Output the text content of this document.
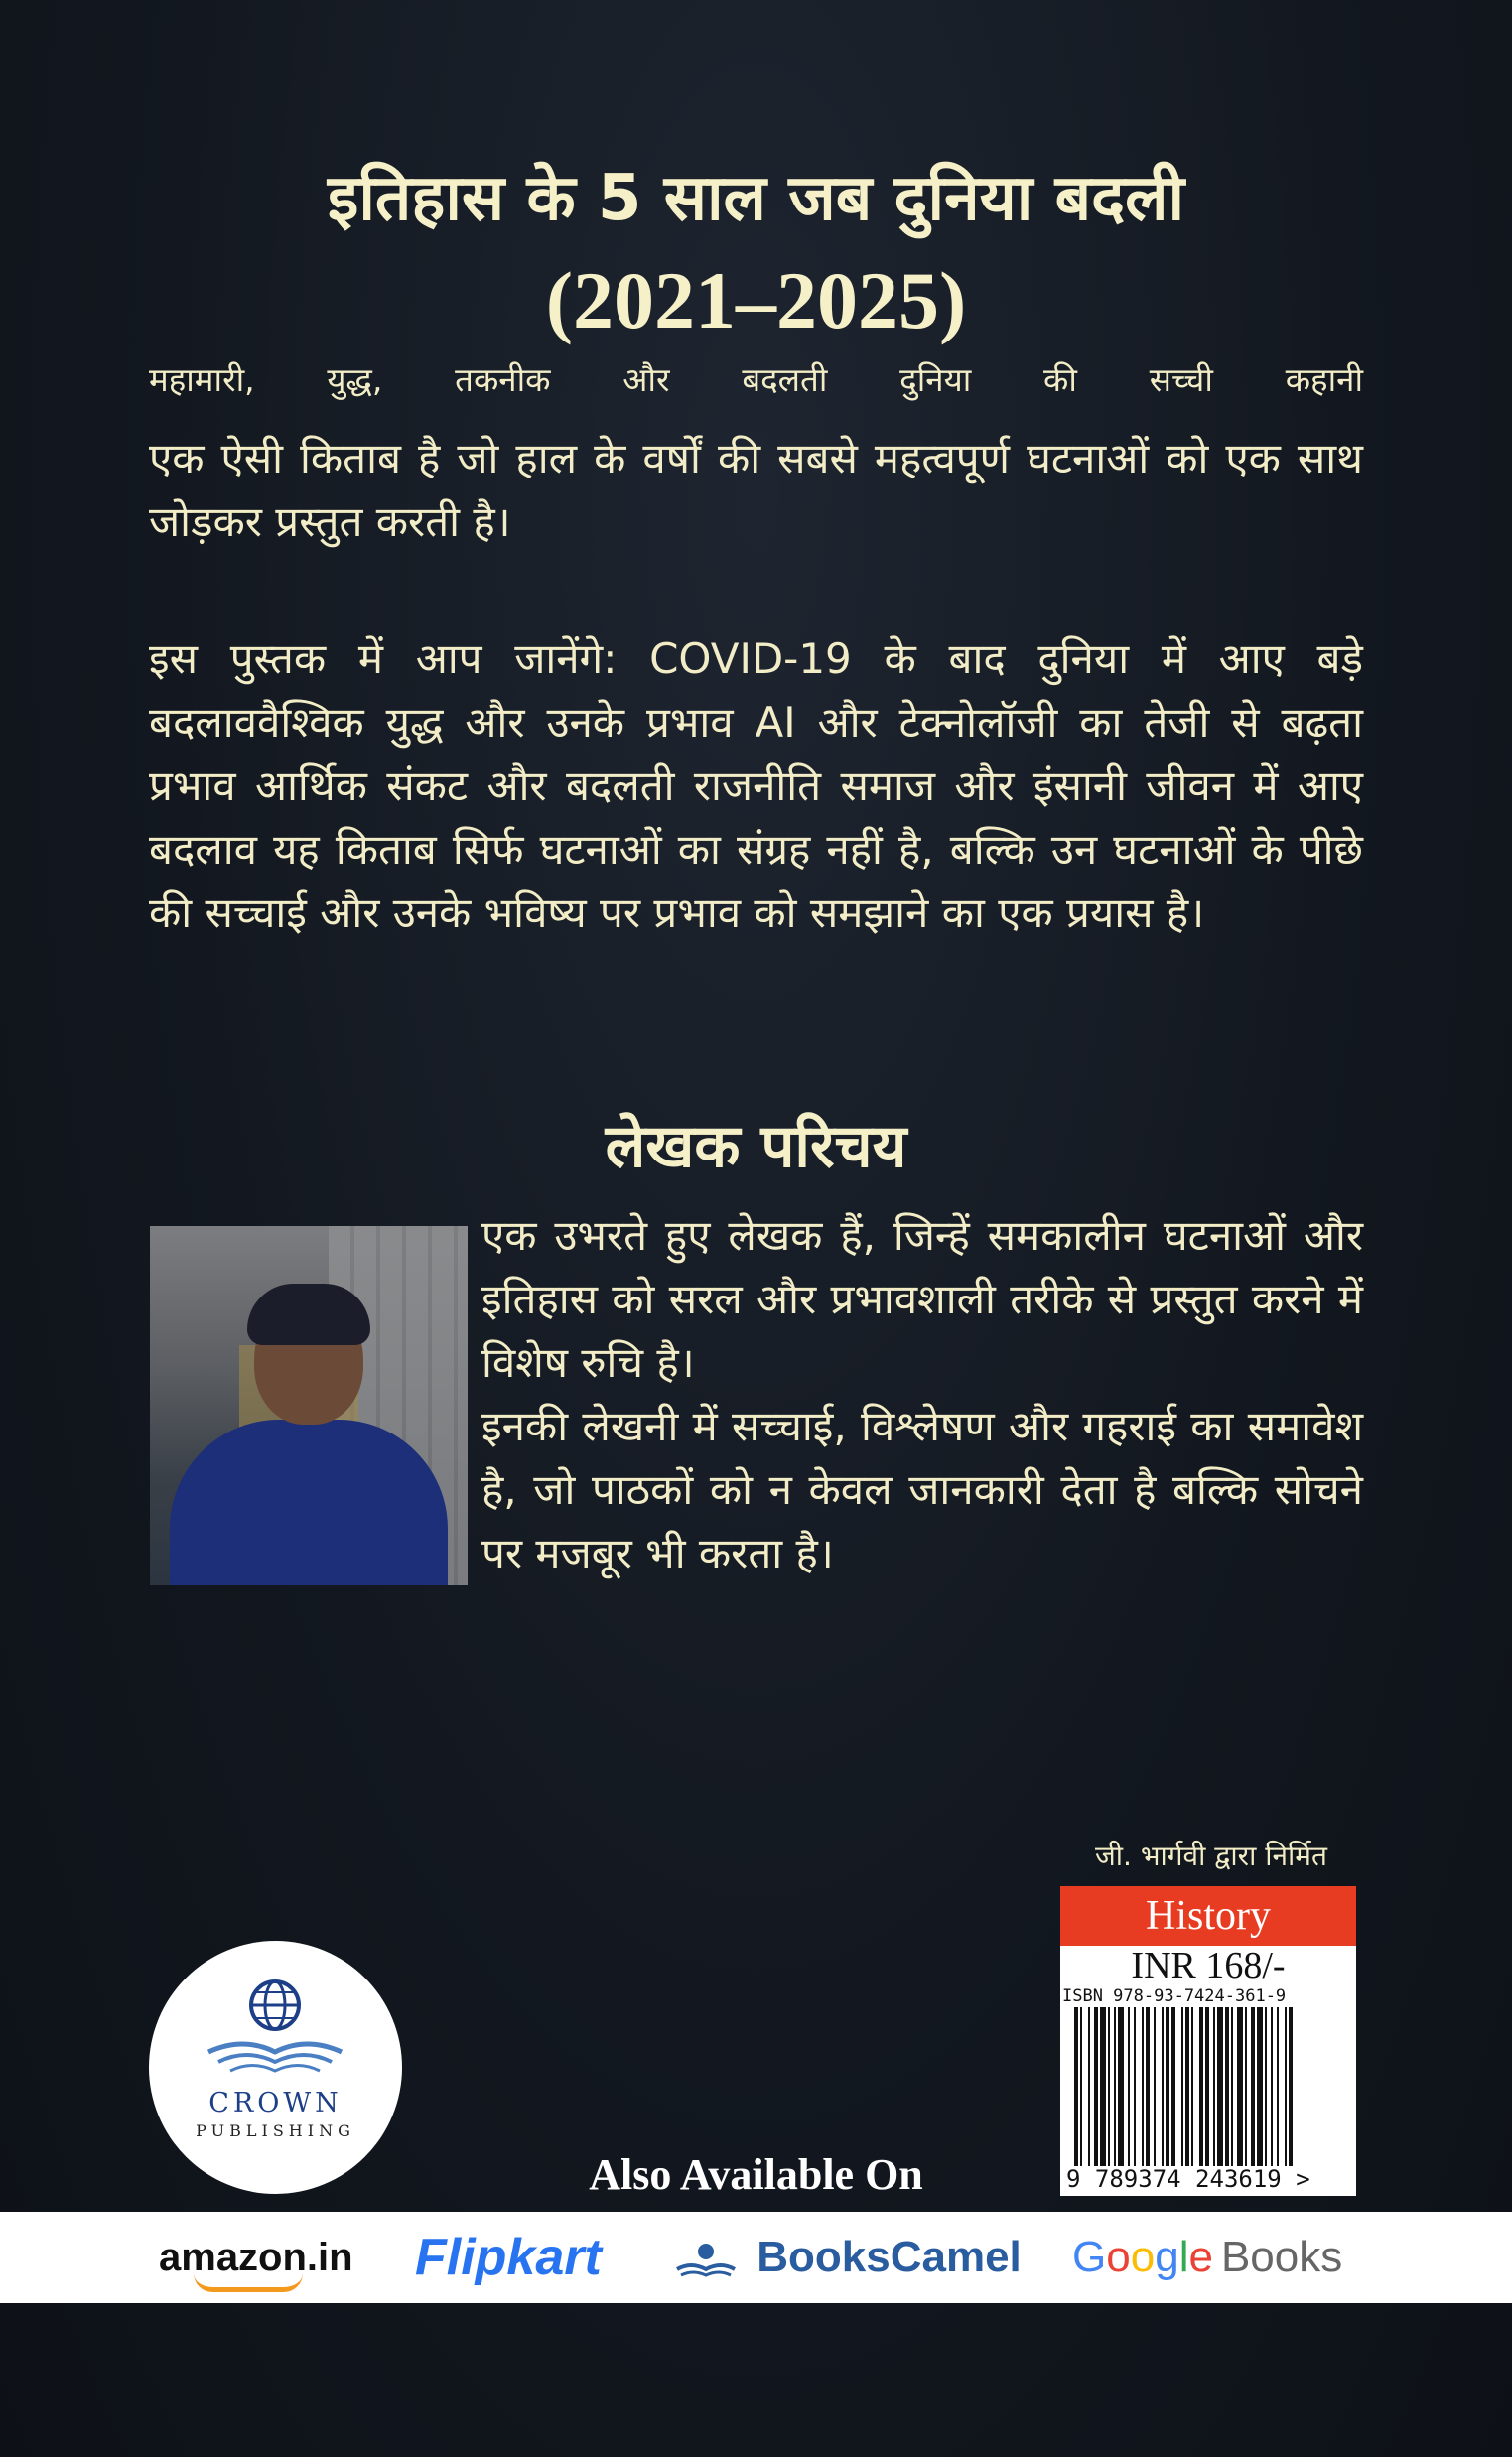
इतिहास के 5 साल जब दुनिया बदली
(2021–2025)
महामारी, युद्ध, तकनीक और बदलती दुनिया की सच्ची कहानी

एक ऐसी किताब है जो हाल के वर्षों की सबसे महत्वपूर्ण घटनाओं को एक साथ जोड़कर प्रस्तुत करती है।

इस पुस्तक में आप जानेंगे: COVID-19 के बाद दुनिया में आए बड़े बदलाववैश्विक युद्ध और उनके प्रभाव AI और टेक्नोलॉजी का तेजी से बढ़ता प्रभाव आर्थिक संकट और बदलती राजनीति समाज और इंसानी जीवन में आए बदलाव यह किताब सिर्फ घटनाओं का संग्रह नहीं है, बल्कि उन घटनाओं के पीछे की सच्चाई और उनके भविष्य पर प्रभाव को समझाने का एक प्रयास है।

लेखक परिचय

एक उभरते हुए लेखक हैं, जिन्हें समकालीन घटनाओं और इतिहास को सरल और प्रभावशाली तरीके से प्रस्तुत करने में विशेष रुचि है।

इनकी लेखनी में सच्चाई, विश्लेषण और गहराई का समावेश है, जो पाठकों को न केवल जानकारी देता है बल्कि सोचने पर मजबूर भी करता है।

जी. भार्गवी द्वारा निर्मित
History
INR 168/-
ISBN 978-93-7424-361-9
9 789374 243619 >
CROWN
PUBLISHING
Also Available On
amazon.in Flipkart	BooksCamel Google Books
